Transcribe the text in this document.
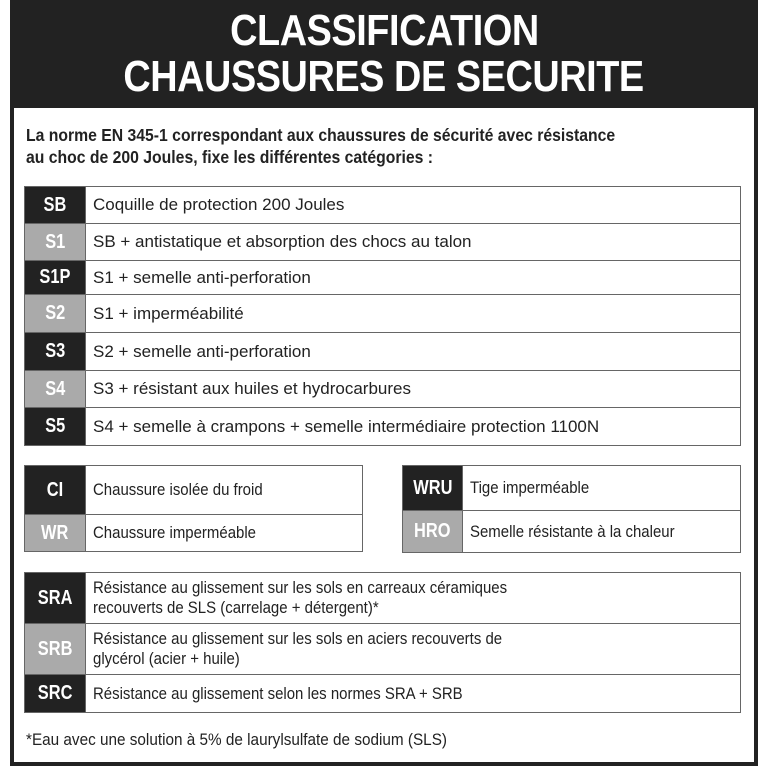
CLASSIFICATION
CHAUSSURES DE SECURITE
La norme EN 345-1 correspondant aux chaussures de sécurité avec résistance
au choc de 200 Joules, fixe les différentes catégories :
SB	Coquille de protection 200 Joules
S1	SB + antistatique et absorption des chocs au talon
S1P	S1 + semelle anti-perforation
S2	S1 + imperméabilité
S3	S2 + semelle anti-perforation
S4	S3 + résistant aux huiles et hydrocarbures
S5	S4 + semelle à crampons + semelle intermédiaire protection 1100N
CI Chaussure isolée du froid
WR Chaussure imperméable
WRU Tige imperméable
HRO Semelle résistante à la chaleur
SRA Résistance au glissement sur les sols en carreaux céramiques
recouverts de SLS (carrelage + détergent)*
SRB Résistance au glissement sur les sols en aciers recouverts de
glycérol (acier + huile)
SRC Résistance au glissement selon les normes SRA + SRB
*Eau avec une solution à 5% de laurylsulfate de sodium (SLS)
